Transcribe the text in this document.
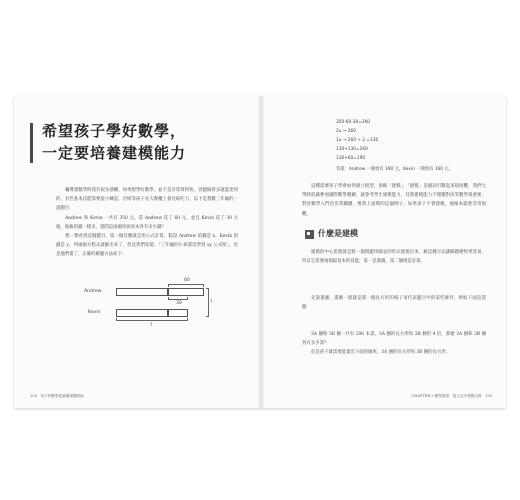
希望孩子學好數學，
一定要培養建模能力

輔導想數學時我有很多感觸，如果想學好數學，並不是計算算得快，習題做得多就能達到的，有些基本技能需要從小練起，否則等孩子長大教權上會比較吃力，以下是想數三年級的一道題目：

Andrew 和 Kevin 一共有 350 元，當 Andrew 花了 60 元，並且 Kevin 花了 30 元後，他倆的錢一樣多，請問這兩個男孩原本各有多少錢？

想一想看到這個題目，第一個反應就是用公式計算，假設 Andrew 的錢是 x，Kevin 的錢是 y，列兩個方程式就解出來了，但是我們知道，「三年級的小孩還沒學到 xy 公式呢」，於是他們畫了，正確的解題方法如下：

60
Andrew
30
Kevin
?
?
138　孩子的數學從讀懂建模開始
350-60-30=260
2u → 260
1u → 260 ÷ 2 =130
130+130=260
130+60=190
答案：Andrew 一開始有 190 元，Kevin 一開始有 160 元。

這種需要孩子學會如何建立模型，俗稱「建模」，「建模」是個詞引數起來很困難，我們大學時前藉參加國際數學競賽，就會考學生建模能力，其實建模能力不僅應對高等數學很重要，對於數學入門也非常關鍵，像我上面舉的這個例子，如果孩子不會建模，他根本就會非常困難。

什麼是建模

建模的中心思想就是將一個問題用圖表的形式展現出來，藉這種方法讓解題變得更容易，所以它需要兩個最基本的技能，第一是畫圖，第二個則是計算。

先說畫圖，畫圖一般就是畫一個長方形的格子來代表題目中的某些條件，例如下面這道題：

3A 捆和 3B 捆一共有 206 本書，3A 捆的長方形和 3B 捆的 4 倍，那麼 3A 捆和 3B 捆各有多少書？

於是孩子就需要能畫出下面的圖來，3A 捆的長方形和 3B 捆的長方形，

CHAPTER 3 數學啟蒙：從生活中建模出發　139
